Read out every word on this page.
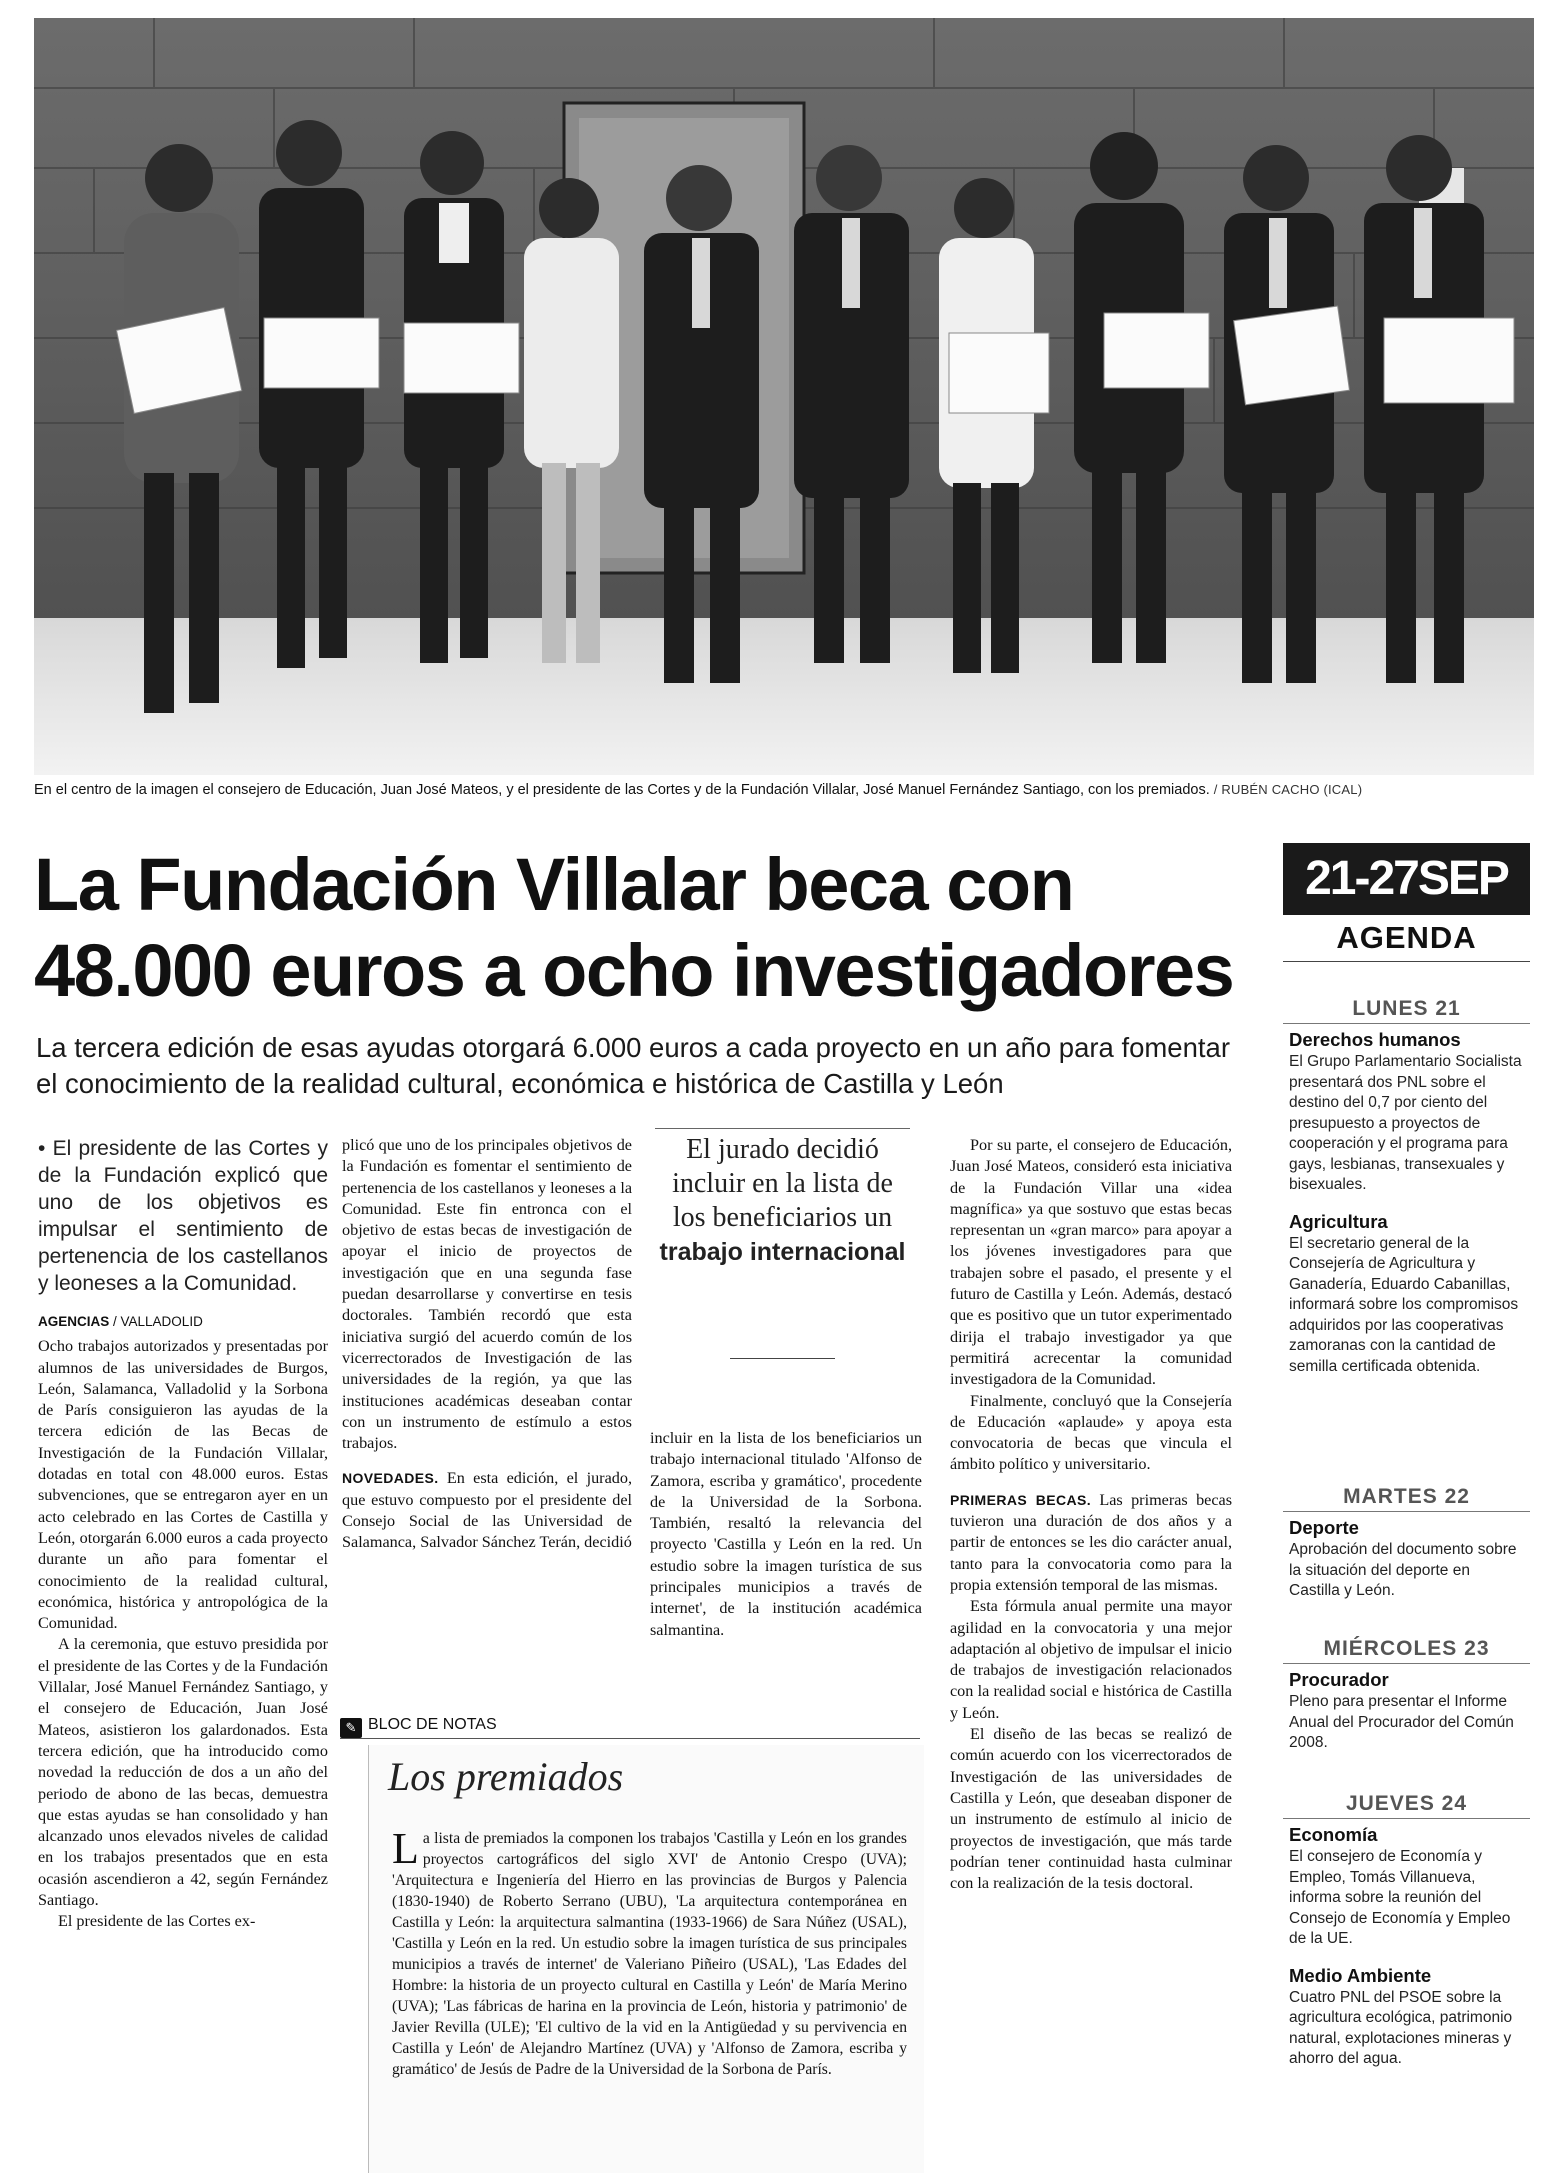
En el centro de la imagen el consejero de Educación, Juan José Mateos, y el presidente de las Cortes y de la Fundación Villalar, José Manuel Fernández Santiago, con los premiados. / RUBÉN CACHO (ICAL)
La Fundación Villalar beca con
48.000 euros a ocho investigadores
La tercera edición de esas ayudas otorgará 6.000 euros a cada proyecto en un año para fomentar el conocimiento de la realidad cultural, económica e histórica de Castilla y León
• El presidente de las Cortes y de la Fundación explicó que uno de los objetivos es impulsar el sentimiento de pertenencia de los castellanos y leoneses a la Comunidad.
AGENCIAS / VALLADOLID

Ocho trabajos autorizados y presentadas por alumnos de las universidades de Burgos, León, Salamanca, Valladolid y la Sorbona de París consiguieron las ayudas de la tercera edición de las Becas de Investigación de la Fundación Villalar, dotadas en total con 48.000 euros. Estas subvenciones, que se entregaron ayer en un acto celebrado en las Cortes de Castilla y León, otorgarán 6.000 euros a cada proyecto durante un año para fomentar el conocimiento de la realidad cultural, económica, histórica y antropológica de la Comunidad.

A la ceremonia, que estuvo presidida por el presidente de las Cortes y de la Fundación Villalar, José Manuel Fernández Santiago, y el consejero de Educación, Juan José Mateos, asistieron los galardonados. Esta tercera edición, que ha introducido como novedad la reducción de dos a un año del periodo de abono de las becas, demuestra que estas ayudas se han consolidado y han alcanzado unos elevados niveles de calidad en los trabajos presentados que en esta ocasión ascendieron a 42, según Fernández Santiago.

El presidente de las Cortes ex-

plicó que uno de los principales objetivos de la Fundación es fomentar el sentimiento de pertenencia de los castellanos y leoneses a la Comunidad. Este fin entronca con el objetivo de estas becas de investigación de apoyar el inicio de proyectos de investigación que en una segunda fase puedan desarrollarse y convertirse en tesis doctorales. También recordó que esta iniciativa surgió del acuerdo común de los vicerrectorados de Investigación de las universidades de la región, ya que las instituciones académicas deseaban contar con un instrumento de estímulo a estos trabajos.

NOVEDADES. En esta edición, el jurado, que estuvo compuesto por el presidente del Consejo Social de las Universidad de Salamanca, Salvador Sánchez Terán, decidió

El jurado decidió incluir en la lista de los beneficiarios un
trabajo internacional

incluir en la lista de los beneficiarios un trabajo internacional titulado 'Alfonso de Zamora, escriba y gramático', procedente de la Universidad de la Sorbona. También, resaltó la relevancia del proyecto 'Castilla y León en la red. Un estudio sobre la imagen turística de sus principales municipios a través de internet', de la institución académica salmantina.

Por su parte, el consejero de Educación, Juan José Mateos, consideró esta iniciativa de la Fundación Villar una «idea magnífica» ya que sostuvo que estas becas representan un «gran marco» para apoyar a los jóvenes investigadores para que trabajen sobre el pasado, el presente y el futuro de Castilla y León. Además, destacó que es positivo que un tutor experimentado dirija el trabajo investigador ya que permitirá acrecentar la comunidad investigadora de la Comunidad.

Finalmente, concluyó que la Consejería de Educación «aplaude» y apoya esta convocatoria de becas que vincula el ámbito político y universitario.

PRIMERAS BECAS. Las primeras becas tuvieron una duración de dos años y a partir de entonces se les dio carácter anual, tanto para la convocatoria como para la propia extensión temporal de las mismas.

Esta fórmula anual permite una mayor agilidad en la convocatoria y una mejor adaptación al objetivo de impulsar el inicio de trabajos de investigación relacionados con la realidad social e histórica de Castilla y León.

El diseño de las becas se realizó de común acuerdo con los vicerrectorados de Investigación de las universidades de Castilla y León, que deseaban disponer de un instrumento de estímulo al inicio de proyectos de investigación, que más tarde podrían tener continuidad hasta culminar con la realización de la tesis doctoral.

✎ BLOC DE NOTAS
Los premiados
La lista de premiados la componen los trabajos 'Castilla y León en los grandes proyectos cartográficos del siglo XVI' de Antonio Crespo (UVA); 'Arquitectura e Ingeniería del Hierro en las provincias de Burgos y Palencia (1830-1940) de Roberto Serrano (UBU), 'La arquitectura contemporánea en Castilla y León: la arquitectura salmantina (1933-1966) de Sara Núñez (USAL), 'Castilla y León en la red. Un estudio sobre la imagen turística de sus principales municipios a través de internet' de Valeriano Piñeiro (USAL), 'Las Edades del Hombre: la historia de un proyecto cultural en Castilla y León' de María Merino (UVA); 'Las fábricas de harina en la provincia de León, historia y patrimonio' de Javier Revilla (ULE); 'El cultivo de la vid en la Antigüedad y su pervivencia en Castilla y León' de Alejandro Martínez (UVA) y 'Alfonso de Zamora, escriba y gramático' de Jesús de Padre de la Universidad de la Sorbona de París.
21-27SEP
AGENDA
LUNES 21
Derechos humanos
El Grupo Parlamentario Socialista presentará dos PNL sobre el destino del 0,7 por ciento del presupuesto a proyectos de cooperación y el programa para gays, lesbianas, transexuales y bisexuales.
Agricultura
El secretario general de la Consejería de Agricultura y Ganadería, Eduardo Cabanillas, informará sobre los compromisos adquiridos por las cooperativas zamoranas con la cantidad de semilla certificada obtenida.
MARTES 22
Deporte
Aprobación del documento sobre la situación del deporte en Castilla y León.
MIÉRCOLES 23
Procurador
Pleno para presentar el Informe Anual del Procurador del Común 2008.
JUEVES 24
Economía
El consejero de Economía y Empleo, Tomás Villanueva, informa sobre la reunión del Consejo de Economía y Empleo de la UE.
Medio Ambiente
Cuatro PNL del PSOE sobre la agricultura ecológica, patrimonio natural, explotaciones mineras y ahorro del agua.
